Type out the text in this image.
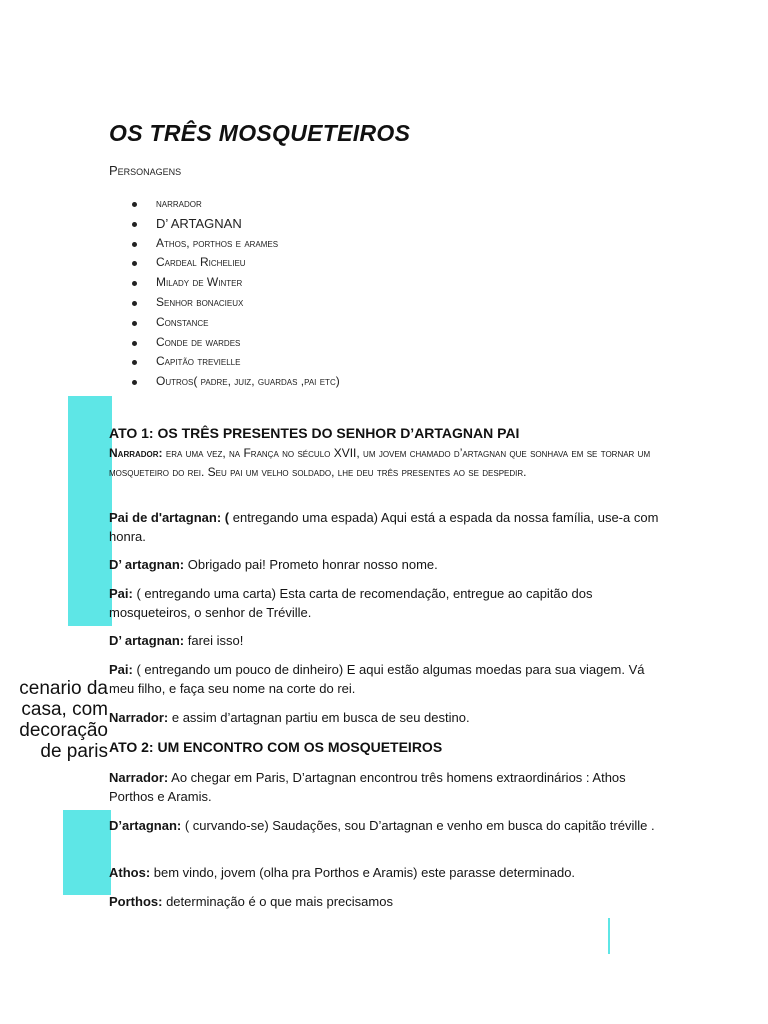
OS TRÊS MOSQUETEIROS
Personagens
narrador
D’ ARTAGNAN
Athos, porthos e arames
Cardeal Richelieu
Milady de Winter
Senhor bonacieux
Constance
Conde de wardes
Capitão trevielle
Outros( padre, juiz, guardas ,pai etc)
ATO 1: OS TRÊS PRESENTES DO SENHOR D’ARTAGNAN PAI
Narrador: era uma vez, na França no século XVII, um jovem chamado d’artagnan que sonhava em se tornar um mosqueteiro do rei. Seu pai um velho soldado, lhe deu três presentes ao se despedir.
Pai de d'artagnan: ( entregando uma espada) Aqui está a espada da nossa família, use-a com honra.
D’ artagnan: Obrigado pai! Prometo honrar nosso nome.
Pai: ( entregando uma carta) Esta carta de recomendação, entregue ao capitão dos mosqueteiros, o senhor de Tréville.
D’ artagnan: farei isso!
Pai: ( entregando um pouco de dinheiro) E aqui estão algumas moedas para sua viagem. Vá meu filho, e faça seu nome na corte do rei.
Narrador: e assim d’artagnan partiu em busca de seu destino.
ATO 2: UM ENCONTRO COM OS MOSQUETEIROS
Narrador: Ao chegar em Paris, D’artagnan encontrou três homens extraordinários : Athos Porthos e Aramis.
D’artagnan: ( curvando-se) Saudações, sou D’artagnan e venho em busca do capitão tréville .
Athos: bem vindo, jovem (olha pra Porthos e Aramis) este parasse determinado.
Porthos: determinação é o que mais precisamos
cenario da
casa, com
decoração
de paris
